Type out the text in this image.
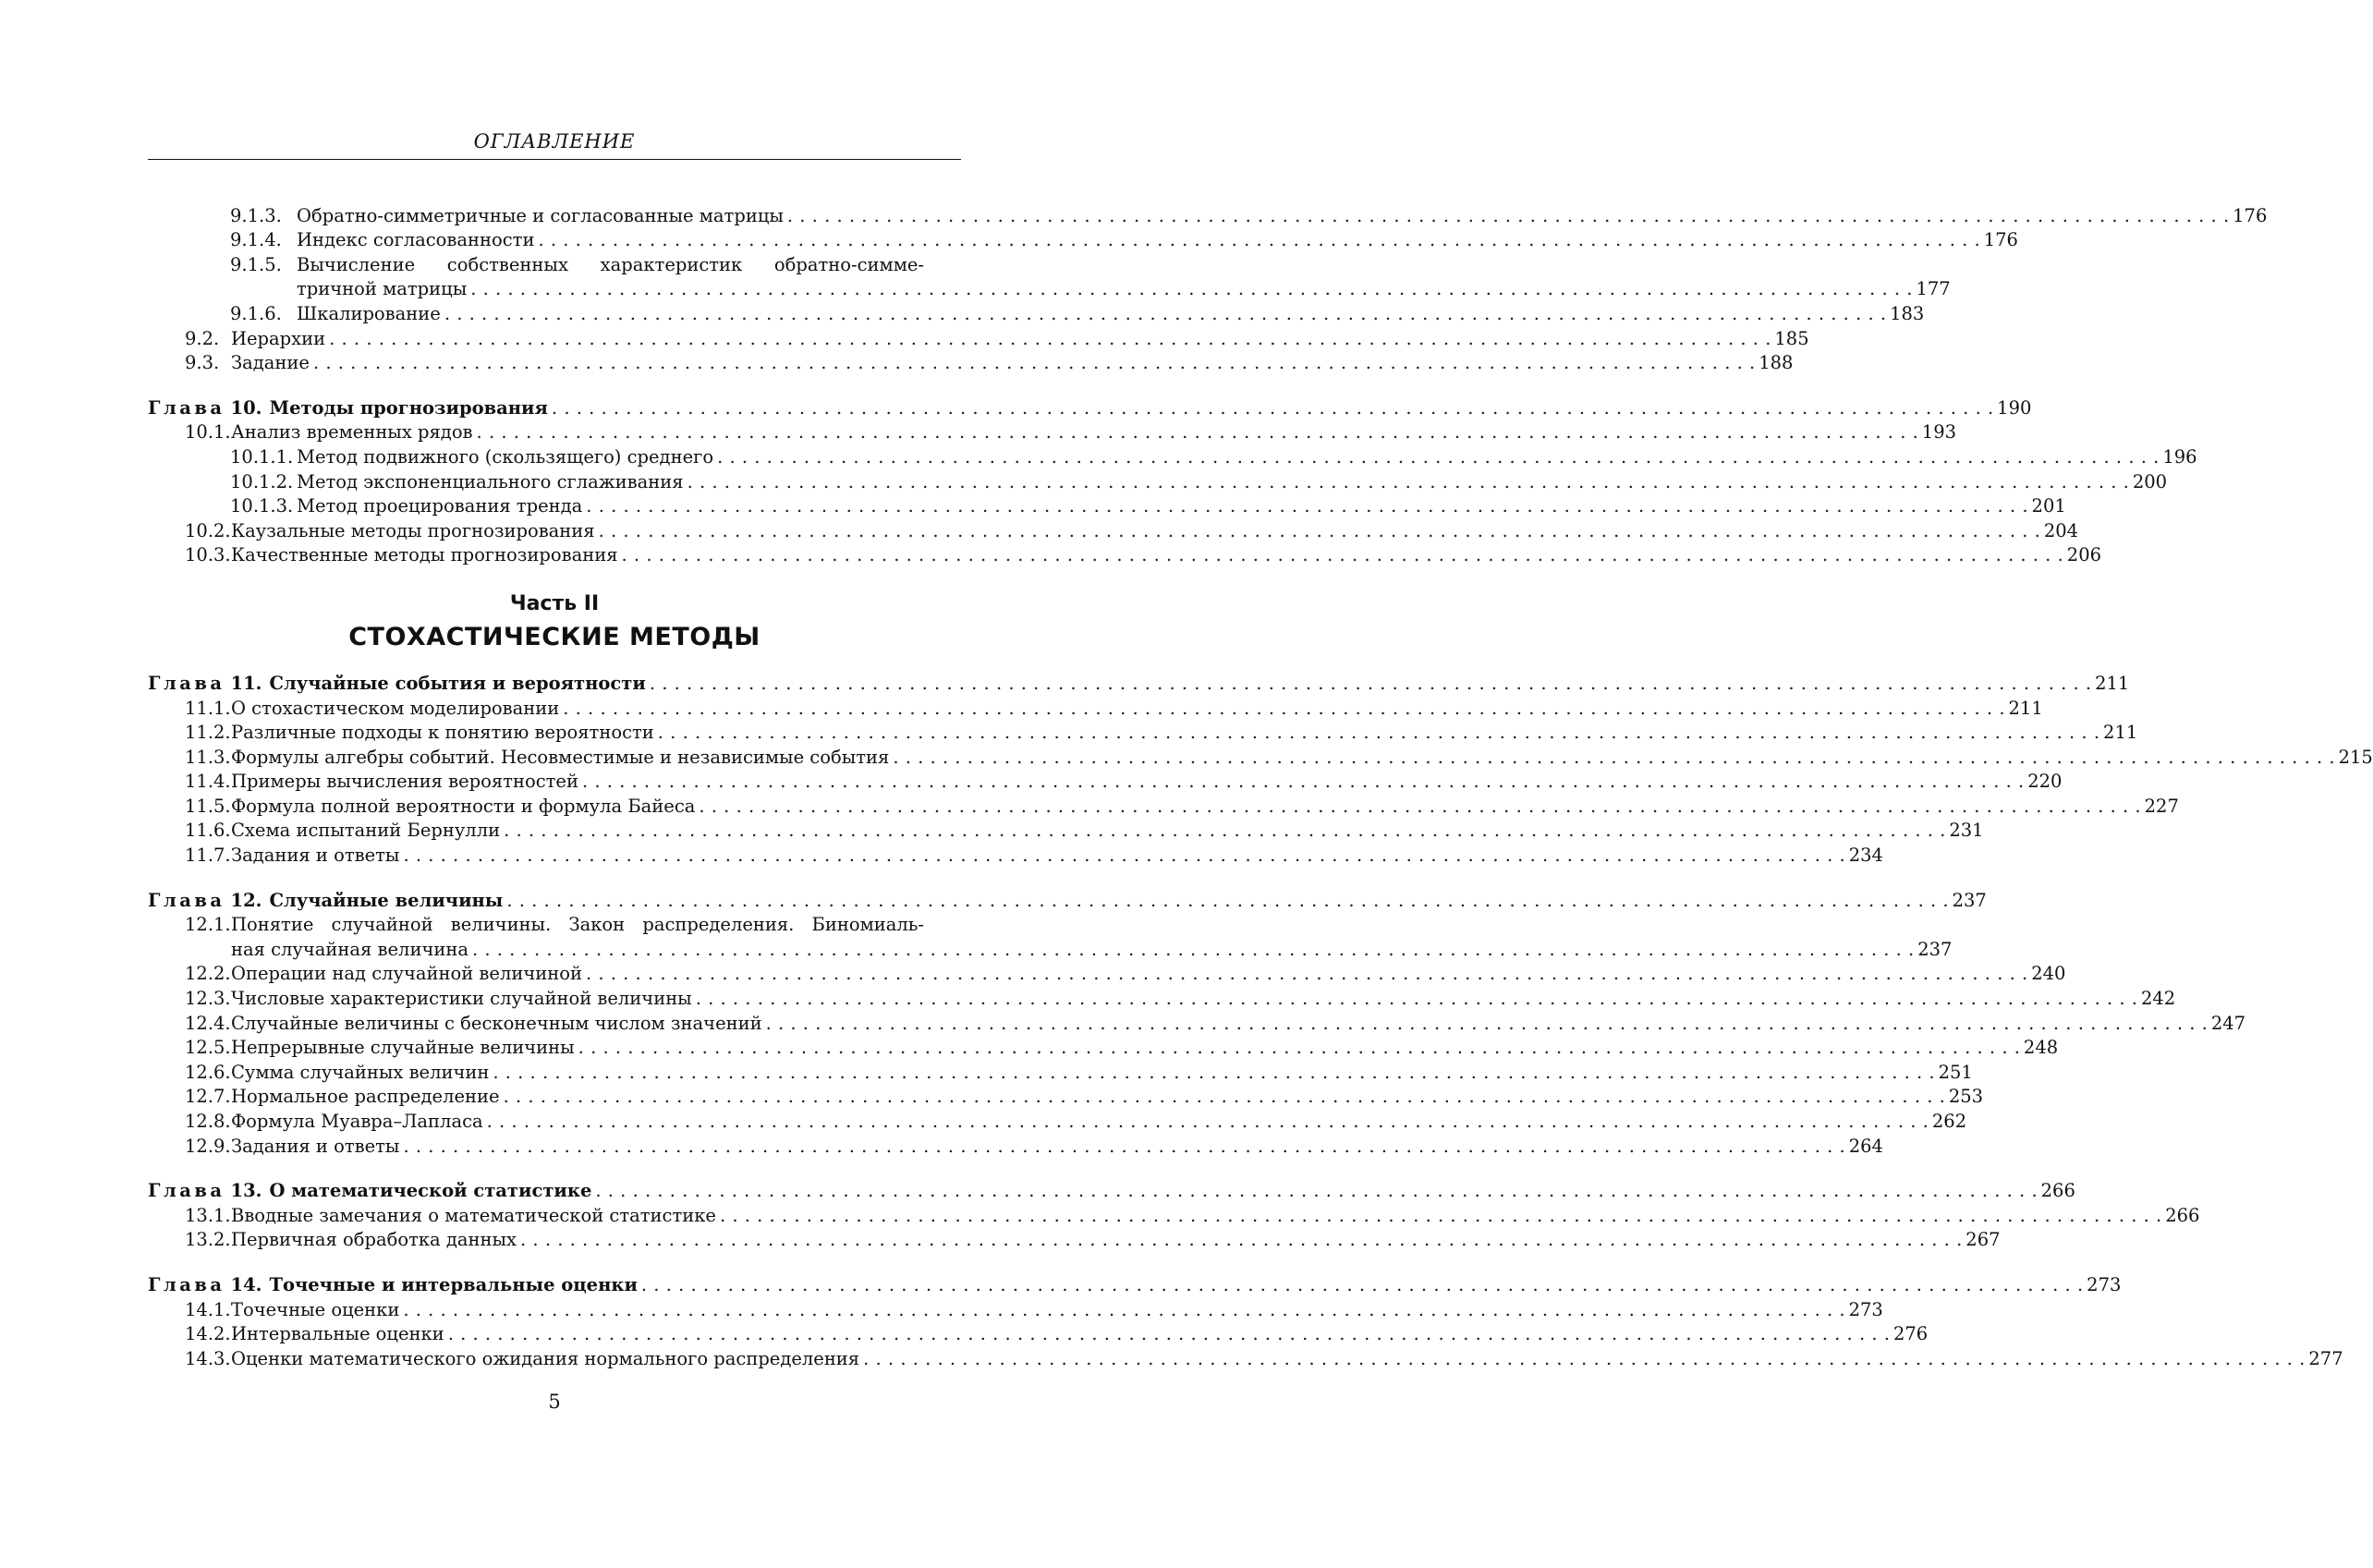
ОГЛАВЛЕНИЕ
9.1.3. Обратно-симметричные и согласованные матрицы . . .	176
9.1.4. Индекс согласованности . . .	176
9.1.5. Вычисление собственных характеристик обратно-симме-
тричной матрицы . . .	177
9.1.6. Шкалирование . . .	183
9.2. Иерархии . . .	185
9.3. Задание . . .	188
Глава 10. Методы прогнозирования . . .	190
10.1. Анализ временных рядов . . .	193
10.1.1. Метод подвижного (скользящего) среднего . . .	196
10.1.2. Метод экспоненциального сглаживания . . .	200
10.1.3. Метод проецирования тренда . . .	201
10.2. Каузальные методы прогнозирования . . .	204
10.3. Качественные методы прогнозирования . . .	206
Часть II
СТОХАСТИЧЕСКИЕ МЕТОДЫ
Глава 11. Случайные события и вероятности . . .	211
11.1. О стохастическом моделировании . . .	211
11.2. Различные подходы к понятию вероятности . . .	211
11.3. Формулы алгебры событий. Несовместимые и независимые события . . .	215
11.4. Примеры вычисления вероятностей . . .	220
11.5. Формула полной вероятности и формула Байеса . . .	227
11.6. Схема испытаний Бернулли . . .	231
11.7. Задания и ответы . . .	234
Глава 12. Случайные величины . . .	237
12.1. Понятие случайной величины. Закон распределения. Биномиаль-
ная случайная величина . . .	237
12.2. Операции над случайной величиной . . .	240
12.3. Числовые характеристики случайной величины . . .	242
12.4. Случайные величины с бесконечным числом значений . . .	247
12.5. Непрерывные случайные величины . . .	248
12.6. Сумма случайных величин . . .	251
12.7. Нормальное распределение . . .	253
12.8. Формула Муавра–Лапласа . . .	262
12.9. Задания и ответы . . .	264
Глава 13. О математической статистике . . .	266
13.1. Вводные замечания о математической статистике . . .	266
13.2. Первичная обработка данных . . .	267
Глава 14. Точечные и интервальные оценки . . .	273
14.1. Точечные оценки . . .	273
14.2. Интервальные оценки . . .	276
14.3. Оценки математического ожидания нормального распределения . . .	277
5
